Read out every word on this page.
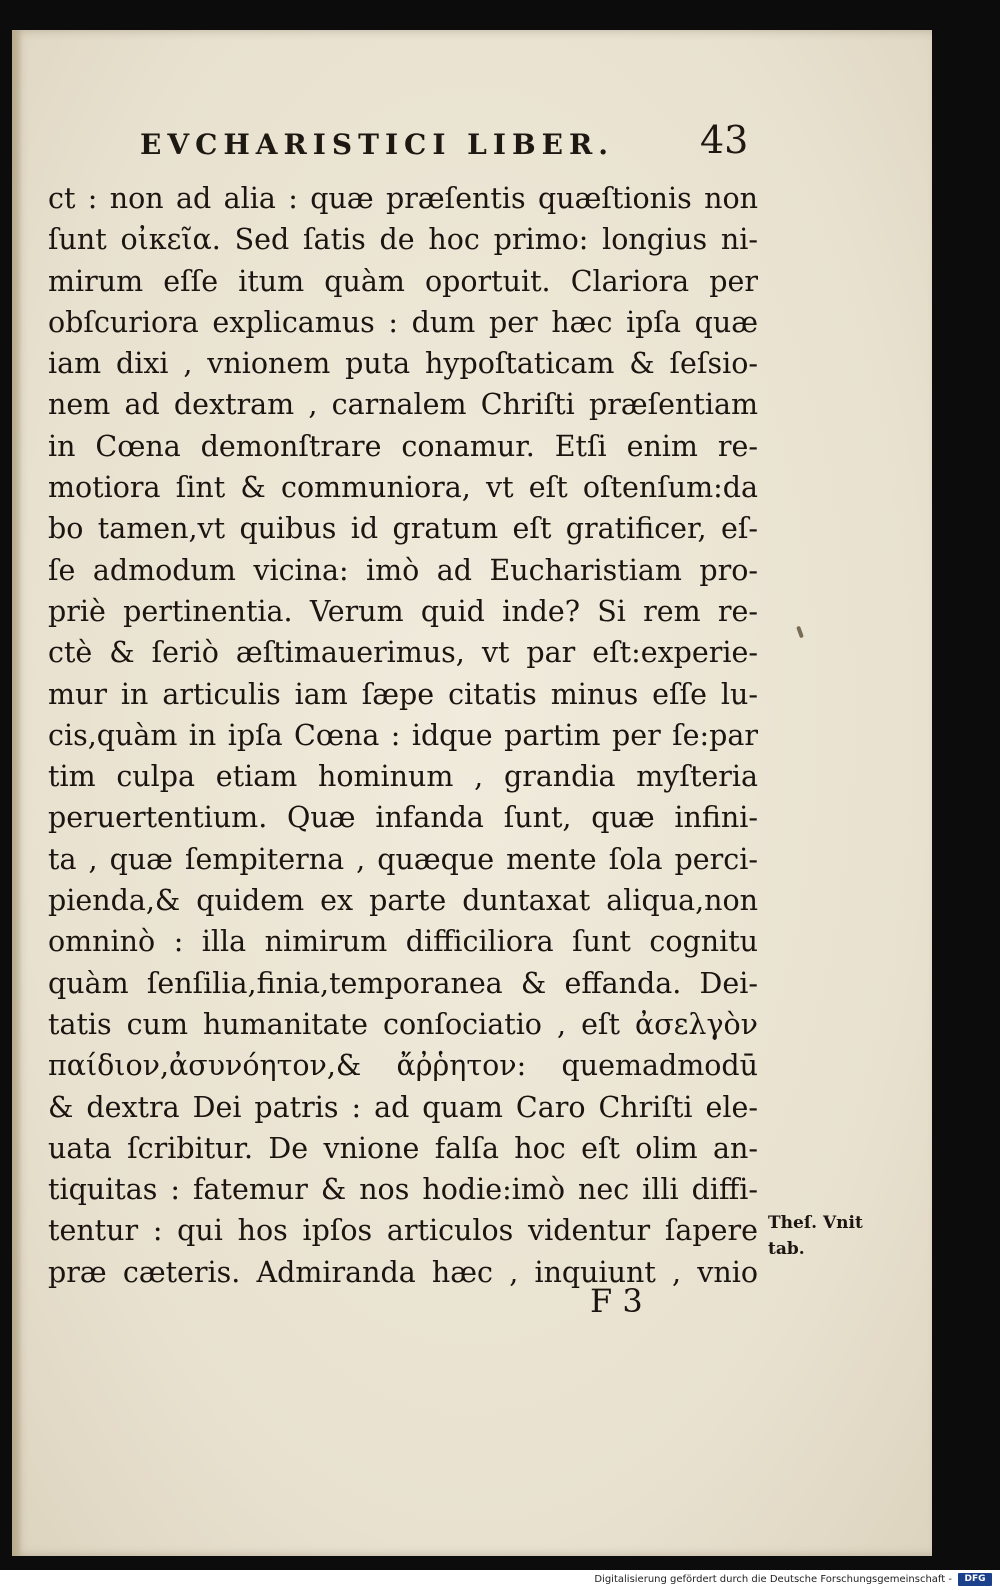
EVCHARISTICI LIBER. 43
ct : non ad alia : quæ præſentis quæſtionis non
ſunt οἰκεῖα. Sed ſatis de hoc primo: longius ni-
mirum eſſe itum quàm oportuit. Clariora per
obſcuriora explicamus : dum per hæc ipſa quæ
iam dixi , vnionem puta hypoſtaticam & ſeſsio-
nem ad dextram , carnalem Chriſti præſentiam
in Cœna demonſtrare conamur. Etſi enim re-
motiora ſint & communiora, vt eſt oſtenſum:da
bo tamen,vt quibus id gratum eſt gratificer, eſ-
ſe admodum vicina: imò ad Eucharistiam pro-
priè pertinentia. Verum quid inde? Si rem re-
ctè & ſeriò æſtimauerimus, vt par eſt:experie-
mur in articulis iam ſæpe citatis minus eſſe lu-
cis,quàm in ipſa Cœna : idque partim per ſe:par
tim culpa etiam hominum , grandia myſteria
peruertentium. Quæ infanda ſunt, quæ infini-
ta , quæ ſempiterna , quæque mente ſola perci-
pienda,& quidem ex parte duntaxat aliqua,non
omninò : illa nimirum difficiliora ſunt cognitu
quàm ſenſilia,finia,temporanea & effanda. Dei-
tatis cum humanitate conſociatio , eſt ἀσελγὸν
παίδιον,ἀσυνόητον,& ἄῤῥητον: quemadmodū
& dextra Dei patris : ad quam Caro Chriſti ele-
uata ſcribitur. De vnione falſa hoc eſt olim an-
tiquitas : fatemur & nos hodie:imò nec illi diffi-
tentur : qui hos ipſos articulos videntur ſapere
præ cæteris. Admiranda hæc , inquiunt , vnio
Theſ. Vnit
tab.
F 3
Digitalisierung gefördert durch die Deutsche Forschungsgemeinschaft -	DFG
